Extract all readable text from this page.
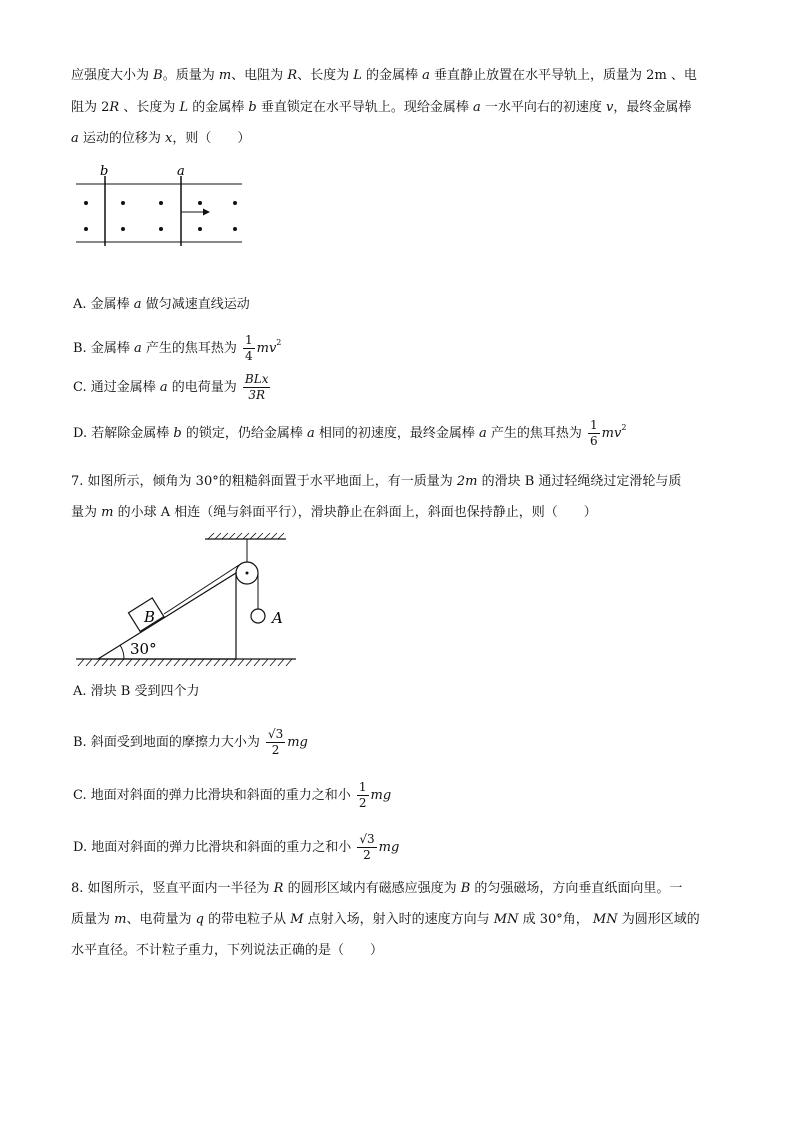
应强度大小为 B。质量为 m、电阻为 R、长度为 L 的金属棒 a 垂直静止放置在水平导轨上，质量为 2m 、电
阻为 2R 、长度为 L 的金属棒 b 垂直锁定在水平导轨上。现给金属棒 a 一水平向右的初速度 v，最终金属棒
a 运动的位移为 x，则（　　）
b	a
A. 金属棒 a 做匀减速直线运动
B. 金属棒 a 产生的焦耳热为 $\frac{1}{4} mv^2$
C. 通过金属棒 a 的电荷量为 $\frac{\text{BLx}}{3R}$
D. 若解除金属棒 b 的锁定，仍给金属棒 a 相同的初速度，最终金属棒 a 产生的焦耳热为 $\frac{1}{6} mv^2$
7. 如图所示，倾角为 30°的粗糙斜面置于水平地面上，有一质量为 2m 的滑块 B 通过轻绳绕过定滑轮与质
量为 m 的小球 A 相连（绳与斜面平行），滑块静止在斜面上，斜面也保持静止，则（　　）
B	A
30°
A. 滑块 B 受到四个力
B. 斜面受到地面的摩擦力大小为 $\frac{√3}{2}$ mg
C. 地面对斜面的弹力比滑块和斜面的重力之和小 $\frac{1}{2}$ mg
D. 地面对斜面的弹力比滑块和斜面的重力之和小 $\frac{√3}{2}$ mg
8. 如图所示，竖直平面内一半径为 R 的圆形区域内有磁感应强度为 B 的匀强磁场，方向垂直纸面向里。一
质量为 m、电荷量为 q 的带电粒子从 M 点射入场，射入时的速度方向与 MN 成 30°角， MN 为圆形区域的
水平直径。不计粒子重力，下列说法正确的是（　　）
